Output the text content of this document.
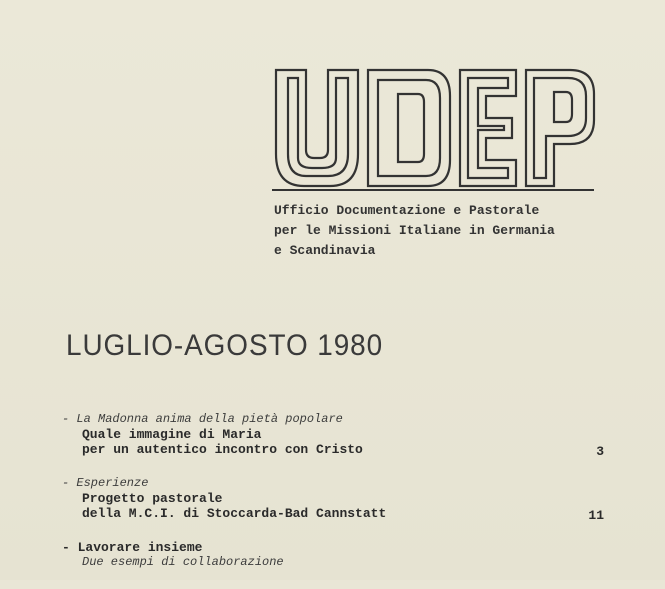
Ufficio Documentazione e Pastorale
per le Missioni Italiane in Germania
e Scandinavia
LUGLIO-AGOSTO 1980
- La Madonna anima della pietà popolare
Quale immagine di Maria
per un autentico incontro con Cristo	3
- Esperienze
Progetto pastorale
della M.C.I. di Stoccarda-Bad Cannstatt	11
- Lavorare insieme
Due esempi di collaborazione
